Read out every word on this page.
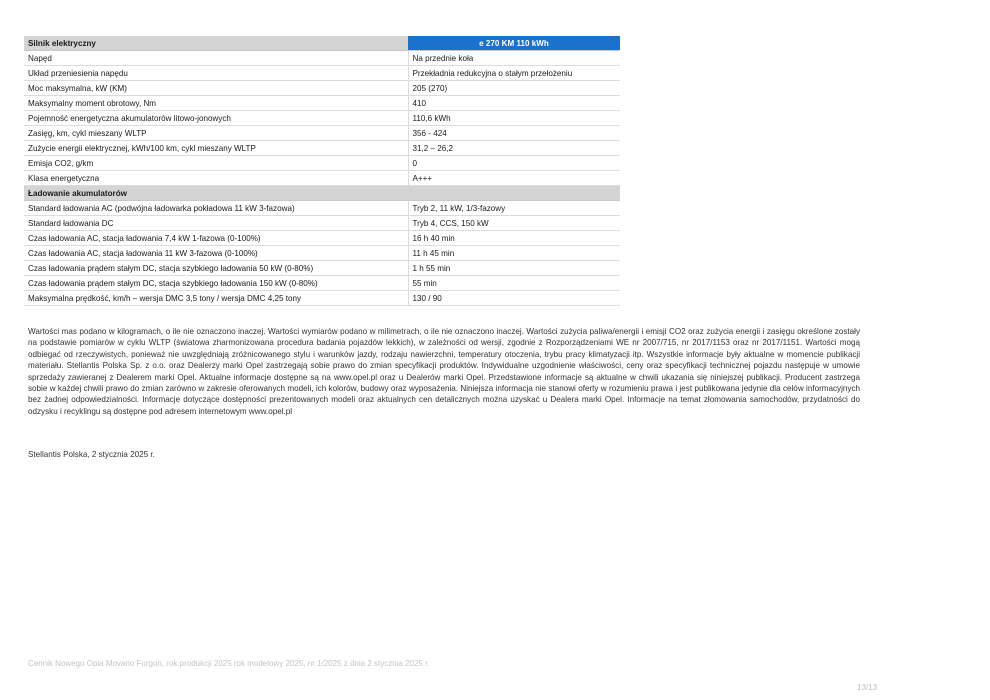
Silnik elektryczny	e 270 KM 110 kWh
Napęd	Na przednie koła
Układ przeniesienia napędu	Przekładnia redukcyjna o stałym przełożeniu
Moc maksymalna, kW (KM)	205 (270)
Maksymalny moment obrotowy, Nm	410
Pojemność energetyczna akumulatorów litowo-jonowych	110,6 kWh
Zasięg, km, cykl mieszany WLTP	356 - 424
Zużycie energii elektrycznej, kWh/100 km, cykl mieszany WLTP	31,2 – 26,2
Emisja CO2, g/km	0
Klasa energetyczna	A+++
Ładowanie akumulatorów	
Standard ładowania AC (podwójna ładowarka pokładowa 11 kW 3-fazowa)	Tryb 2, 11 kW, 1/3-fazowy
Standard ładowania DC	Tryb 4, CCS, 150 kW
Czas ładowania AC, stacja ładowania 7,4 kW 1-fazowa (0-100%)	16 h 40 min
Czas ładowania AC, stacja ładowania 11 kW 3-fazowa (0-100%)	11 h 45 min
Czas ładowania prądem stałym DC, stacja szybkiego ładowania 50 kW (0-80%)	1 h 55 min
Czas ładowania prądem stałym DC, stacja szybkiego ładowania 150 kW (0-80%)	55 min
Maksymalna prędkość, km/h – wersja DMC 3,5 tony / wersja DMC 4,25 tony	130 / 90

Wartości mas podano w kilogramach, o ile nie oznaczono inaczej. Wartości wymiarów podano w milimetrach, o ile nie oznaczono inaczej. Wartości zużycia paliwa/energii i emisji CO2 oraz zużycia energii i zasięgu określone zostały na podstawie pomiarów w cyklu WLTP (światowa zharmonizowana procedura badania pojazdów lekkich), w zależności od wersji, zgodnie z Rozporządzeniami WE nr 2007/715, nr 2017/1153 oraz nr 2017/1151. Wartości mogą odbiegać od rzeczywistych, ponieważ nie uwzględniają zróżnicowanego stylu i warunków jazdy, rodzaju nawierzchni, temperatury otoczenia, trybu pracy klimatyzacji itp. Wszystkie informacje były aktualne w momencie publikacji materiału. Stellantis Polska Sp. z o.o. oraz Dealerzy marki Opel zastrzegają sobie prawo do zmian specyfikacji produktów. Indywidualne uzgodnienie właściwości, ceny oraz specyfikacji technicznej pojazdu następuje w umowie sprzedaży zawieranej z Dealerem marki Opel. Aktualne informacje dostępne są na www.opel.pl oraz u Dealerów marki Opel. Przedstawione informacje są aktualne w chwili ukazania się niniejszej publikacji. Producent zastrzega sobie w każdej chwili prawo do zmian zarówno w zakresie oferowanych modeli, ich kolorów, budowy oraz wyposażenia. Niniejsza informacja nie stanowi oferty w rozumieniu prawa i jest publikowana jedynie dla celów informacyjnych bez żadnej odpowiedzialności. Informacje dotyczące dostępności prezentowanych modeli oraz aktualnych cen detalicznych można uzyskać u Dealera marki Opel. Informacje na temat złomowania samochodów, przydatności do odzysku i recyklingu są dostępne pod adresem internetowym www.opel.pl

Stellantis Polska, 2 stycznia 2025 r.

Cennik Nowego Opla Movano Furgon, rok produkcji 2025 rok modelowy 2025, nr 1/2025 z dnia 2 stycznia 2025 r.

13/13
